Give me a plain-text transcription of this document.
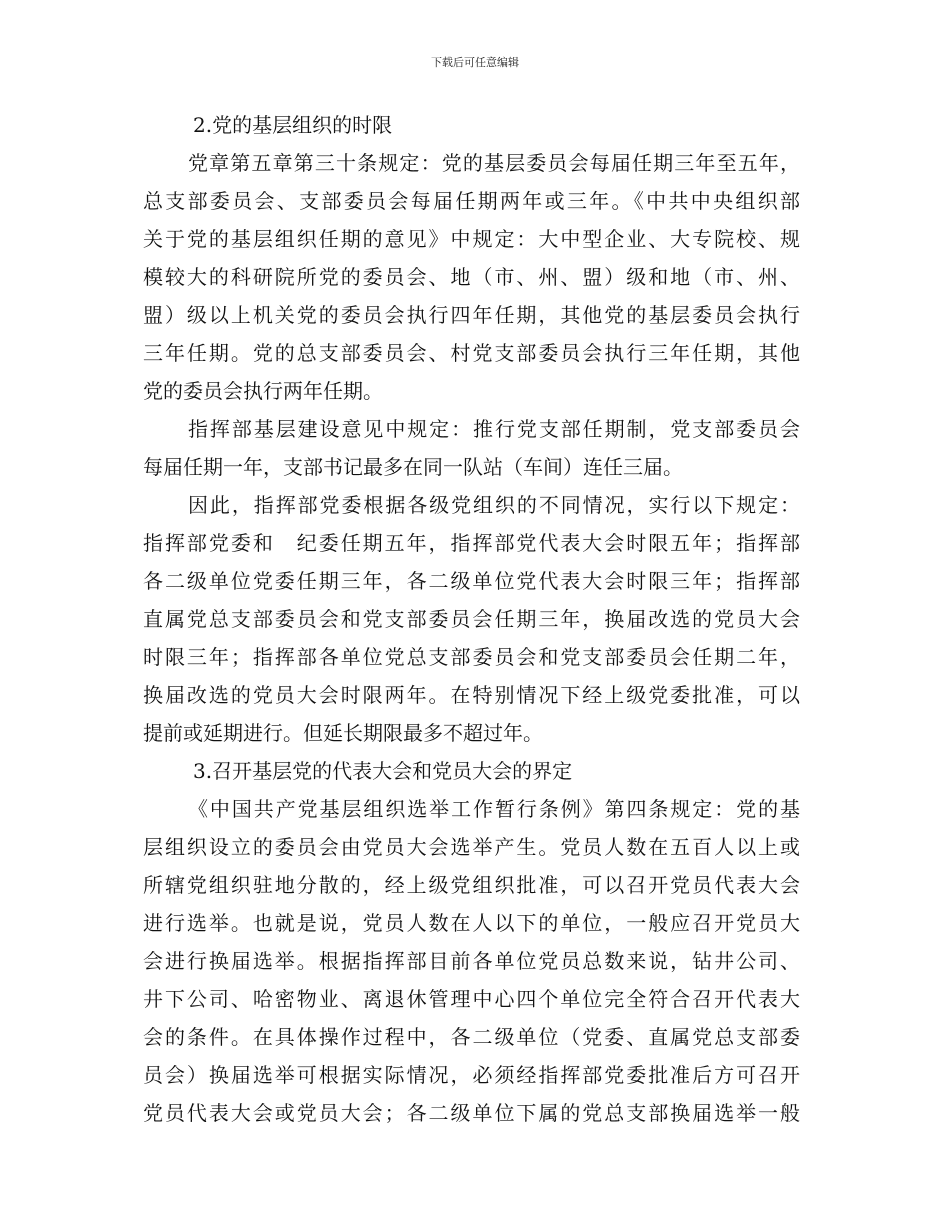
下载后可任意编辑
2.党的基层组织的时限
党章第五章第三十条规定：党的基层委员会每届任期三年至五年，
总支部委员会、支部委员会每届任期两年或三年。《中共中央组织部
关于党的基层组织任期的意见》中规定：大中型企业、大专院校、规
模较大的科研院所党的委员会、地（市、州、盟）级和地（市、州、
盟）级以上机关党的委员会执行四年任期，其他党的基层委员会执行
三年任期。党的总支部委员会、村党支部委员会执行三年任期，其他
党的委员会执行两年任期。
指挥部基层建设意见中规定：推行党支部任期制，党支部委员会
每届任期一年，支部书记最多在同一队站（车间）连任三届。
因此，指挥部党委根据各级党组织的不同情况，实行以下规定：
指挥部党委和　纪委任期五年，指挥部党代表大会时限五年；指挥部
各二级单位党委任期三年，各二级单位党代表大会时限三年；指挥部
直属党总支部委员会和党支部委员会任期三年，换届改选的党员大会
时限三年；指挥部各单位党总支部委员会和党支部委员会任期二年，
换届改选的党员大会时限两年。在特别情况下经上级党委批准，可以
提前或延期进行。但延长期限最多不超过年。
3.召开基层党的代表大会和党员大会的界定
《中国共产党基层组织选举工作暂行条例》第四条规定：党的基
层组织设立的委员会由党员大会选举产生。党员人数在五百人以上或
所辖党组织驻地分散的，经上级党组织批准，可以召开党员代表大会
进行选举。也就是说，党员人数在人以下的单位，一般应召开党员大
会进行换届选举。根据指挥部目前各单位党员总数来说，钻井公司、
井下公司、哈密物业、离退休管理中心四个单位完全符合召开代表大
会的条件。在具体操作过程中，各二级单位（党委、直属党总支部委
员会）换届选举可根据实际情况，必须经指挥部党委批准后方可召开
党员代表大会或党员大会；各二级单位下属的党总支部换届选举一般
